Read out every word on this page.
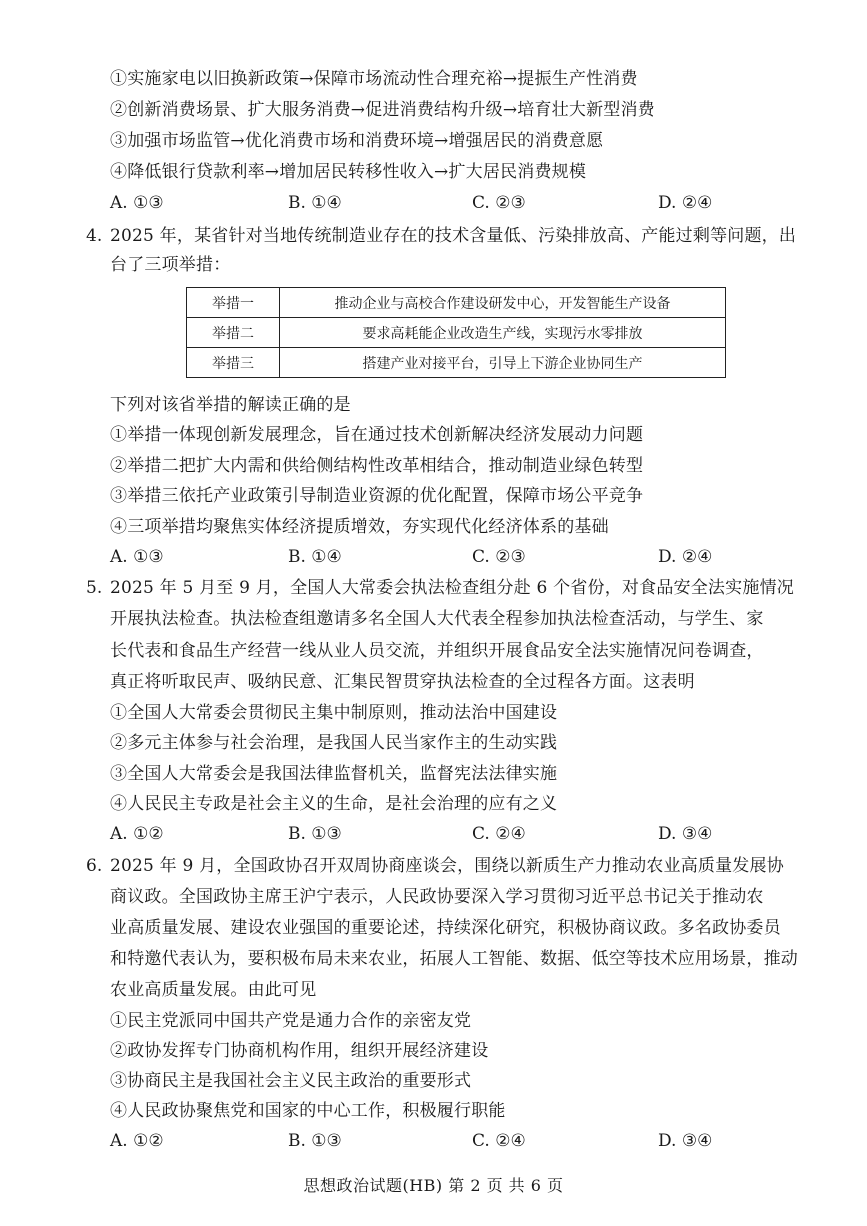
①实施家电以旧换新政策→保障市场流动性合理充裕→提振生产性消费
②创新消费场景、扩大服务消费→促进消费结构升级→培育壮大新型消费
③加强市场监管→优化消费市场和消费环境→增强居民的消费意愿
④降低银行贷款利率→增加居民转移性收入→扩大居民消费规模
A. ①③	B. ①④	C. ②③	D. ②④
4. 2025 年，某省针对当地传统制造业存在的技术含量低、污染排放高、产能过剩等问题，出
台了三项举措：
举措一	推动企业与高校合作建设研发中心，开发智能生产设备
举措二	要求高耗能企业改造生产线，实现污水零排放
举措三	搭建产业对接平台，引导上下游企业协同生产
下列对该省举措的解读正确的是
①举措一体现创新发展理念，旨在通过技术创新解决经济发展动力问题
②举措二把扩大内需和供给侧结构性改革相结合，推动制造业绿色转型
③举措三依托产业政策引导制造业资源的优化配置，保障市场公平竞争
④三项举措均聚焦实体经济提质增效，夯实现代化经济体系的基础
A. ①③	B. ①④	C. ②③	D. ②④
5. 2025 年 5 月至 9 月，全国人大常委会执法检查组分赴 6 个省份，对食品安全法实施情况
开展执法检查。执法检查组邀请多名全国人大代表全程参加执法检查活动，与学生、家
长代表和食品生产经营一线从业人员交流，并组织开展食品安全法实施情况问卷调查，
真正将听取民声、吸纳民意、汇集民智贯穿执法检查的全过程各方面。这表明
①全国人大常委会贯彻民主集中制原则，推动法治中国建设
②多元主体参与社会治理，是我国人民当家作主的生动实践
③全国人大常委会是我国法律监督机关，监督宪法法律实施
④人民民主专政是社会主义的生命，是社会治理的应有之义
A. ①②	B. ①③	C. ②④	D. ③④
6. 2025 年 9 月，全国政协召开双周协商座谈会，围绕以新质生产力推动农业高质量发展协
商议政。全国政协主席王沪宁表示，人民政协要深入学习贯彻习近平总书记关于推动农
业高质量发展、建设农业强国的重要论述，持续深化研究，积极协商议政。多名政协委员
和特邀代表认为，要积极布局未来农业，拓展人工智能、数据、低空等技术应用场景，推动
农业高质量发展。由此可见
①民主党派同中国共产党是通力合作的亲密友党
②政协发挥专门协商机构作用，组织开展经济建设
③协商民主是我国社会主义民主政治的重要形式
④人民政协聚焦党和国家的中心工作，积极履行职能
A. ①②	B. ①③	C. ②④	D. ③④
思想政治试题(HB) 第 2 页 共 6 页
